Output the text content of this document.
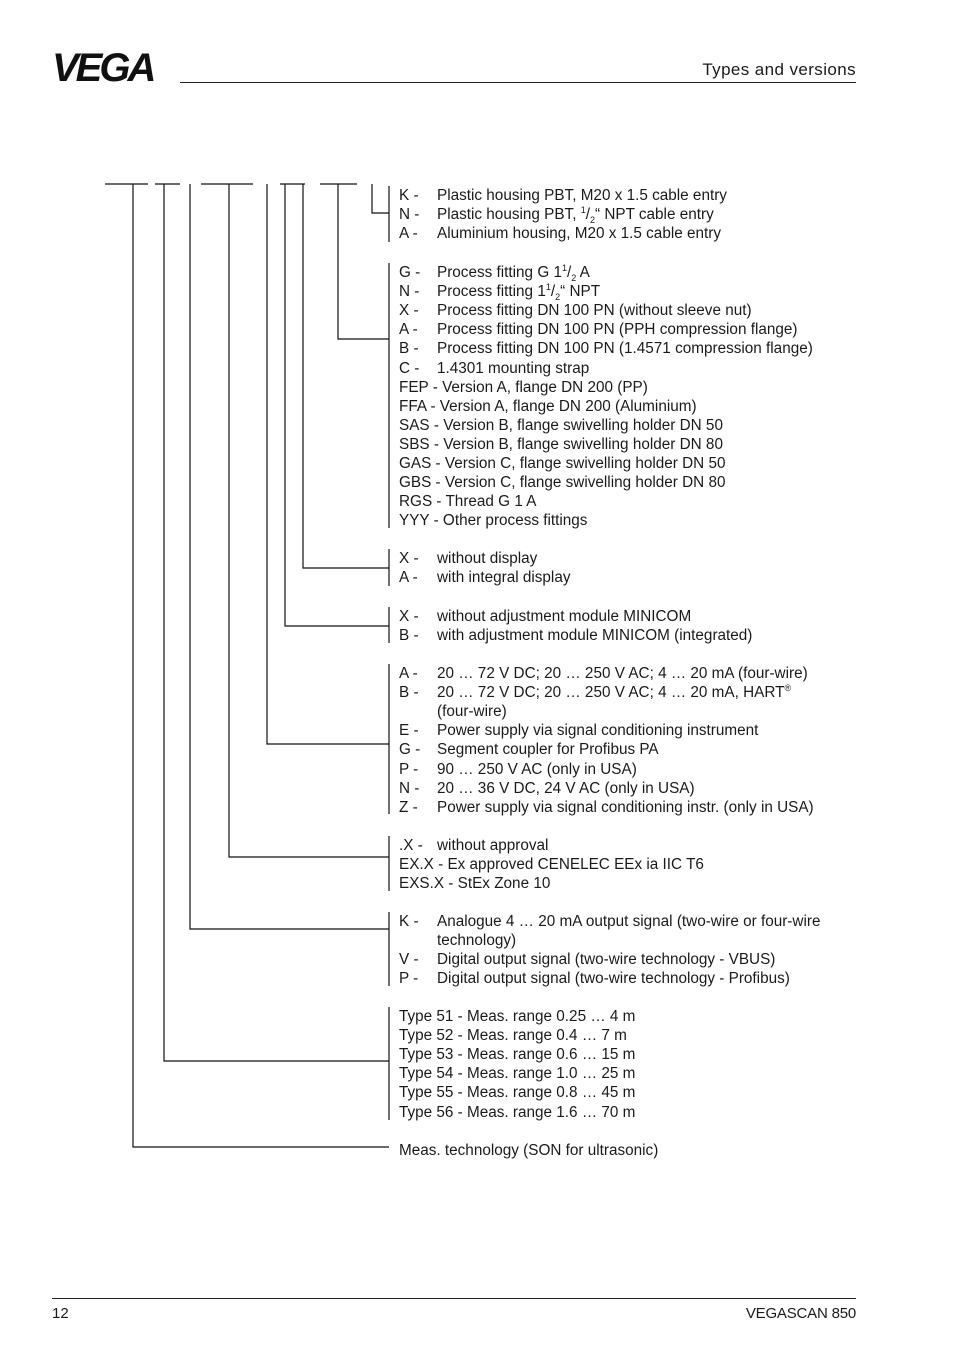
VEGA	Types and versions
K - Plastic housing PBT, M20 x 1.5 cable entry
N - Plastic housing PBT, $^1/_2“$ NPT cable entry
A - Aluminium housing, M20 x 1.5 cable entry
G - Process fitting G $1^1/_2$ A
N - Process fitting $1^1/_2“$ NPT
X - Process fitting DN 100 PN (without sleeve nut)
A - Process fitting DN 100 PN (PPH compression flange)
B - Process fitting DN 100 PN (1.4571 compression flange)
C - 1.4301 mounting strap
FEP - Version A, flange DN 200 (PP)
FFA - Version A, flange DN 200 (Aluminium)
SAS - Version B, flange swivelling holder DN 50
SBS - Version B, flange swivelling holder DN 80
GAS - Version C, flange swivelling holder DN 50
GBS - Version C, flange swivelling holder DN 80
RGS - Thread G 1 A
YYY - Other process fittings
X - without display
A - with integral display
X - without adjustment module MINICOM
B - with adjustment module MINICOM (integrated)
A - 20 … 72 V DC; 20 … 250 V AC; 4 … 20 mA (four-wire)
B - 20 … 72 V DC; 20 … 250 V AC; 4 … 20 mA, HART®
(four-wire)
E - Power supply via signal conditioning instrument
G - Segment coupler for Profibus PA
P - 90 … 250 V AC (only in USA)
N - 20 … 36 V DC, 24 V AC (only in USA)
Z - Power supply via signal conditioning instr. (only in USA)
.X - without approval
EX.X - Ex approved CENELEC EEx ia IIC T6
EXS.X - StEx Zone 10
K - Analogue 4 … 20 mA output signal (two-wire or four-wire
technology)
V - Digital output signal (two-wire technology - VBUS)
P - Digital output signal (two-wire technology - Profibus)
Type 51 - Meas. range 0.25 … 4 m
Type 52 - Meas. range 0.4 … 7 m
Type 53 - Meas. range 0.6 … 15 m
Type 54 - Meas. range 1.0 … 25 m
Type 55 - Meas. range 0.8 … 45 m
Type 56 - Meas. range 1.6 … 70 m
Meas. technology (SON for ultrasonic)
12	VEGASCAN 850
